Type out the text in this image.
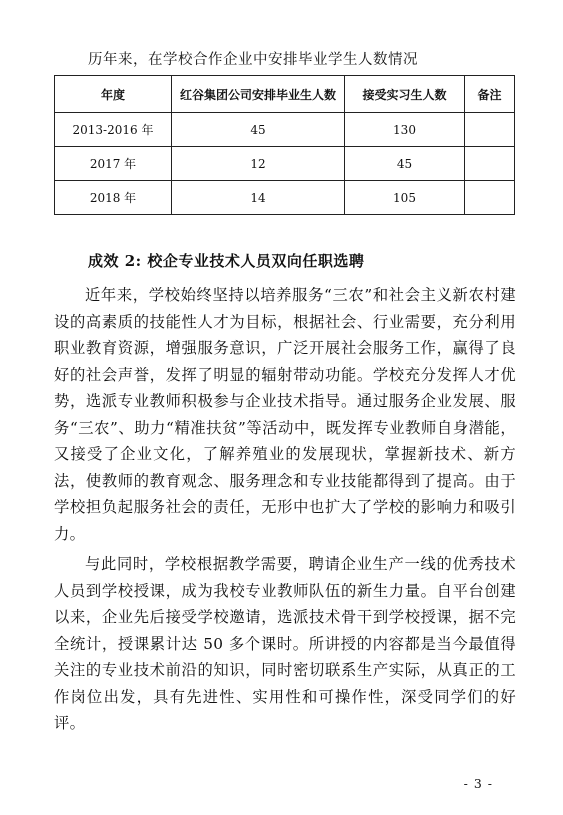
历年来，在学校合作企业中安排毕业学生人数情况
年度	红谷集团公司安排毕业生人数	接受实习生人数	备注
2013-2016 年	45	130	
2017 年	12	45	
2018 年	14	105	
成效 2: 校企专业技术人员双向任职选聘

近年来，学校始终坚持以培养服务“三农”和社会主义新农村建设的高素质的技能性人才为目标，根据社会、行业需要，充分利用职业教育资源，增强服务意识，广泛开展社会服务工作，赢得了良好的社会声誉，发挥了明显的辐射带动功能。学校充分发挥人才优势，选派专业教师积极参与企业技术指导。通过服务企业发展、服务“三农”、助力“精准扶贫”等活动中，既发挥专业教师自身潜能，又接受了企业文化，了解养殖业的发展现状，掌握新技术、新方法，使教师的教育观念、服务理念和专业技能都得到了提高。由于学校担负起服务社会的责任，无形中也扩大了学校的影响力和吸引力。

与此同时，学校根据教学需要，聘请企业生产一线的优秀技术人员到学校授课，成为我校专业教师队伍的新生力量。自平台创建以来，企业先后接受学校邀请，选派技术骨干到学校授课，据不完全统计，授课累计达 50 多个课时。所讲授的内容都是当今最值得关注的专业技术前沿的知识，同时密切联系生产实际，从真正的工作岗位出发，具有先进性、实用性和可操作性，深受同学们的好评。

- 3 -
